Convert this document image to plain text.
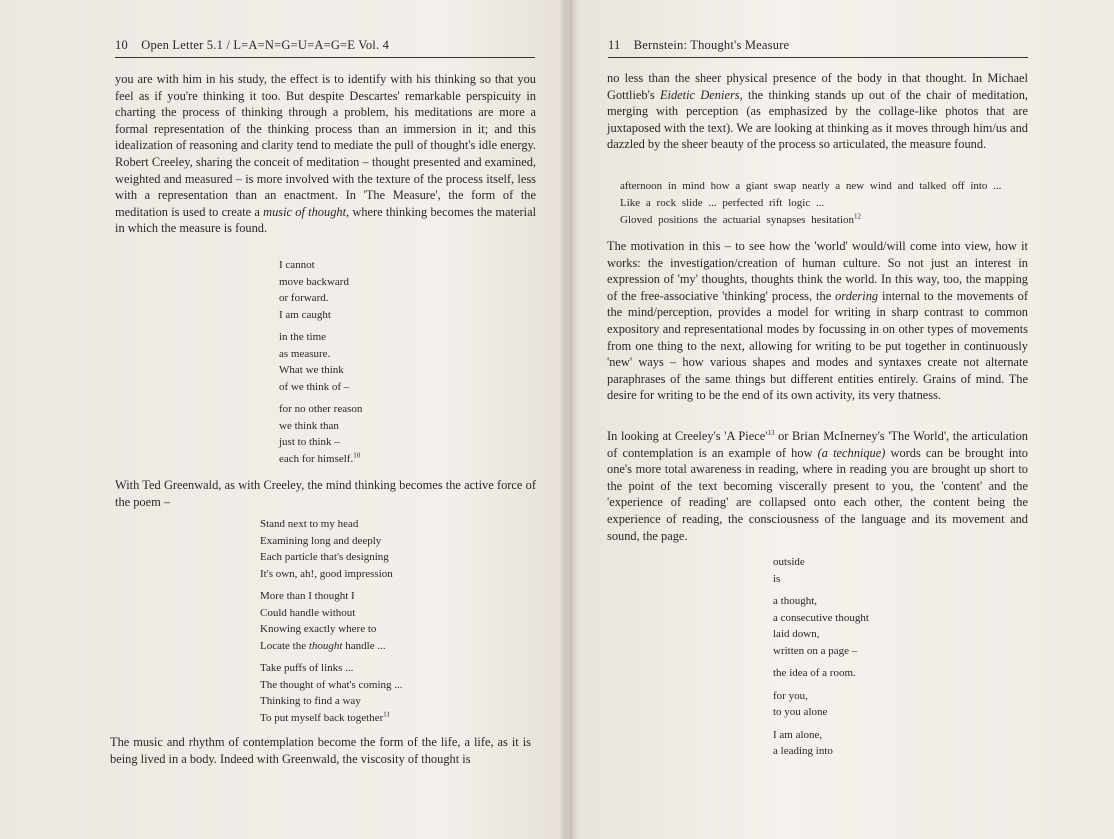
10 Open Letter 5.1 / L=A=N=G=U=A=G=E Vol. 4

you are with him in his study, the effect is to identify with his thinking so that you feel as if you're thinking it too. But despite Descartes' remarkable perspicuity in charting the process of thinking through a problem, his meditations are more a formal representation of the thinking process than an immersion in it; and this idealization of reasoning and clarity tend to mediate the pull of thought's idle energy. Robert Creeley, sharing the conceit of meditation – thought presented and examined, weighted and measured – is more involved with the texture of the process itself, less with a representation than an enactment. In 'The Measure', the form of the meditation is used to create a music of thought, where thinking becomes the material in which the measure is found.

I cannot
move backward
or forward.
I am caught
in the time
as measure.
What we think
of we think of –
for no other reason
we think than
just to think –
each for himself.$^{10}$

With Ted Greenwald, as with Creeley, the mind thinking becomes the active force of the poem –

Stand next to my head
Examining long and deeply
Each particle that's designing
It's own, ah!, good impression
More than I thought I
Could handle without
Knowing exactly where to
Locate the thought handle ...
Take puffs of links ...
The thought of what's coming ...
Thinking to find a way
To put myself back together$^{11}$

The music and rhythm of contemplation become the form of the life, a life, as it is being lived in a body. Indeed with Greenwald, the viscosity of thought is

11 Bernstein: Thought's Measure

no less than the sheer physical presence of the body in that thought. In Michael Gottlieb's Eidetic Deniers, the thinking stands up out of the chair of meditation, merging with perception (as emphasized by the collage-like photos that are juxtaposed with the text). We are looking at thinking as it moves through him/us and dazzled by the sheer beauty of the process so articulated, the measure found.

afternoon in mind how a giant swap nearly a new wind and talked off into ...
Like a rock slide ... perfected rift logic ...
Gloved positions the actuarial synapses hesitation$^{12}$

The motivation in this – to see how the 'world' would/will come into view, how it works: the investigation/creation of human culture. So not just an interest in expression of 'my' thoughts, thoughts think the world. In this way, too, the mapping of the free-associative 'thinking' process, the ordering internal to the movements of the mind/perception, provides a model for writing in sharp contrast to common expository and representational modes by focussing in on other types of movements from one thing to the next, allowing for writing to be put together in continuously 'new' ways – how various shapes and modes and syntaxes create not alternate paraphrases of the same things but different entities entirely. Grains of mind. The desire for writing to be the end of its own activity, its very thatness.

In looking at Creeley's 'A $Piece'^{13}$ or Brian McInerney's 'The World', the articulation of contemplation is an example of how (a technique) words can be brought into one's more total awareness in reading, where in reading you are brought up short to the point of the text becoming viscerally present to you, the 'content' and the 'experience of reading' are collapsed onto each other, the content being the experience of reading, the consciousness of the language and its movement and sound, the page.

outside
is
a thought,
a consecutive thought
laid down,
written on a page –
the idea of a room.
for you,
to you alone
I am alone,
a leading into
